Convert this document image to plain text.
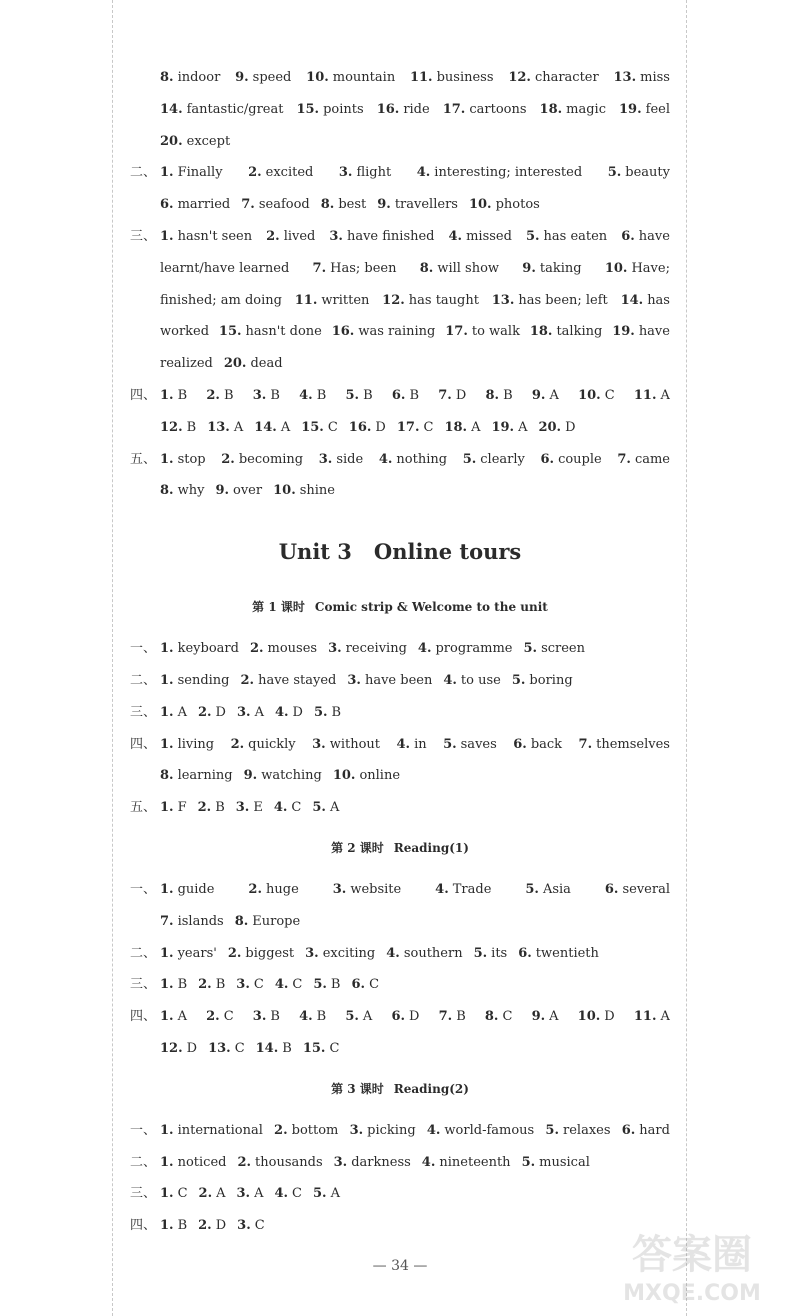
8. indoor 9. speed 10. mountain 11. business 12. character 13. miss
14. fantastic/great 15. points 16. ride 17. cartoons 18. magic 19. feel
20. except
二、 1. Finally 2. excited 3. flight 4. interesting; interested 5. beauty
6. married 7. seafood 8. best 9. travellers 10. photos
三、 1. hasn't seen 2. lived 3. have finished 4. missed 5. has eaten 6. have
learnt/have learned 7. Has; been 8. will show 9. taking 10. Have;
finished; am doing 11. written 12. has taught 13. has been; left 14. has
worked 15. hasn't done 16. was raining 17. to walk 18. talking 19. have
realized 20. dead
四、 1. B 2. B 3. B 4. B 5. B 6. B 7. D 8. B 9. A 10. C 11. A
12. B 13. A 14. A 15. C 16. D 17. C 18. A 19. A 20. D
五、 1. stop 2. becoming 3. side 4. nothing 5. clearly 6. couple 7. came
8. why 9. over 10. shine
Unit 3 Online tours
第 1 课时 Comic strip & Welcome to the unit
一、 1. keyboard 2. mouses 3. receiving 4. programme 5. screen
二、 1. sending 2. have stayed 3. have been 4. to use 5. boring
三、 1. A 2. D 3. A 4. D 5. B
四、 1. living 2. quickly 3. without 4. in 5. saves 6. back 7. themselves
8. learning 9. watching 10. online
五、 1. F 2. B 3. E 4. C 5. A
第 2 课时 Reading(1)
一、 1. guide	2. huge	3. website	4. Trade	5. Asia	6. several
7. islands 8. Europe
二、 1. years' 2. biggest 3. exciting 4. southern 5. its 6. twentieth
三、 1. B 2. B 3. C 4. C 5. B 6. C
四、 1. A 2. C 3. B 4. B 5. A 6. D 7. B 8. C 9. A 10. D 11. A
12. D 13. C 14. B 15. C
第 3 课时 Reading(2)
一、 1. international 2. bottom 3. picking 4. world-famous 5. relaxes 6. hard
二、 1. noticed 2. thousands 3. darkness 4. nineteenth 5. musical
三、 1. C 2. A 3. A 4. C 5. A
四、 1. B 2. D 3. C
— 34 —	答案圈
MXQE.COM
